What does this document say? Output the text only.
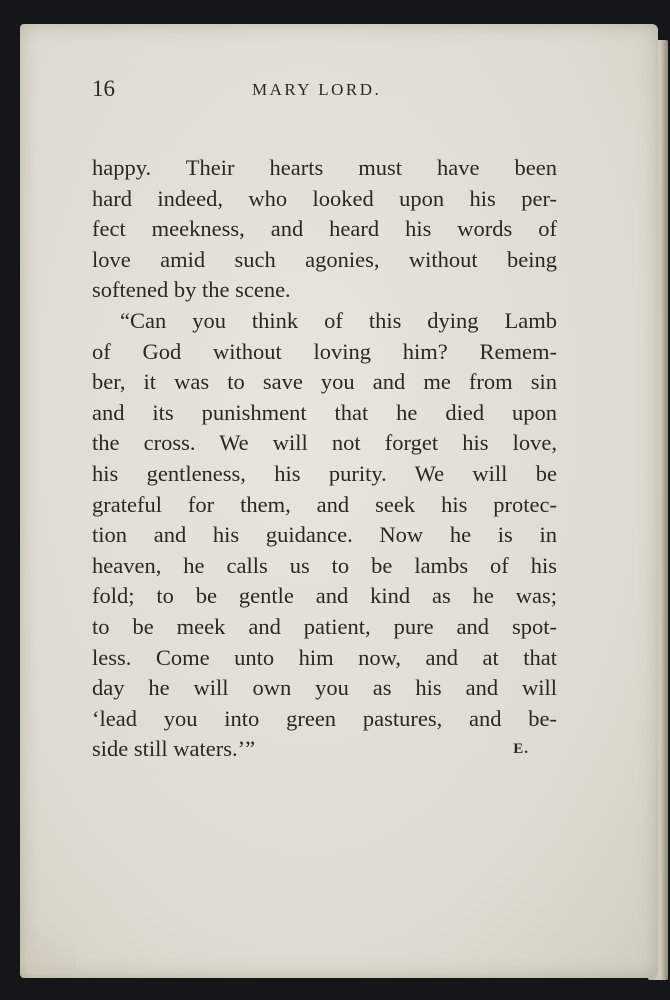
16	MARY LORD.
happy. Their hearts must have been
hard indeed, who looked upon his per-
fect meekness, and heard his words of
love amid such agonies, without being
softened by the scene.
“Can you think of this dying Lamb
of God without loving him? Remem-
ber, it was to save you and me from sin
and its punishment that he died upon
the cross. We will not forget his love,
his gentleness, his purity. We will be
grateful for them, and seek his protec-
tion and his guidance. Now he is in
heaven, he calls us to be lambs of his
fold; to be gentle and kind as he was;
to be meek and patient, pure and spot-
less. Come unto him now, and at that
day he will own you as his and will
‘lead you into green pastures, and be-
side still waters.’”	E.
